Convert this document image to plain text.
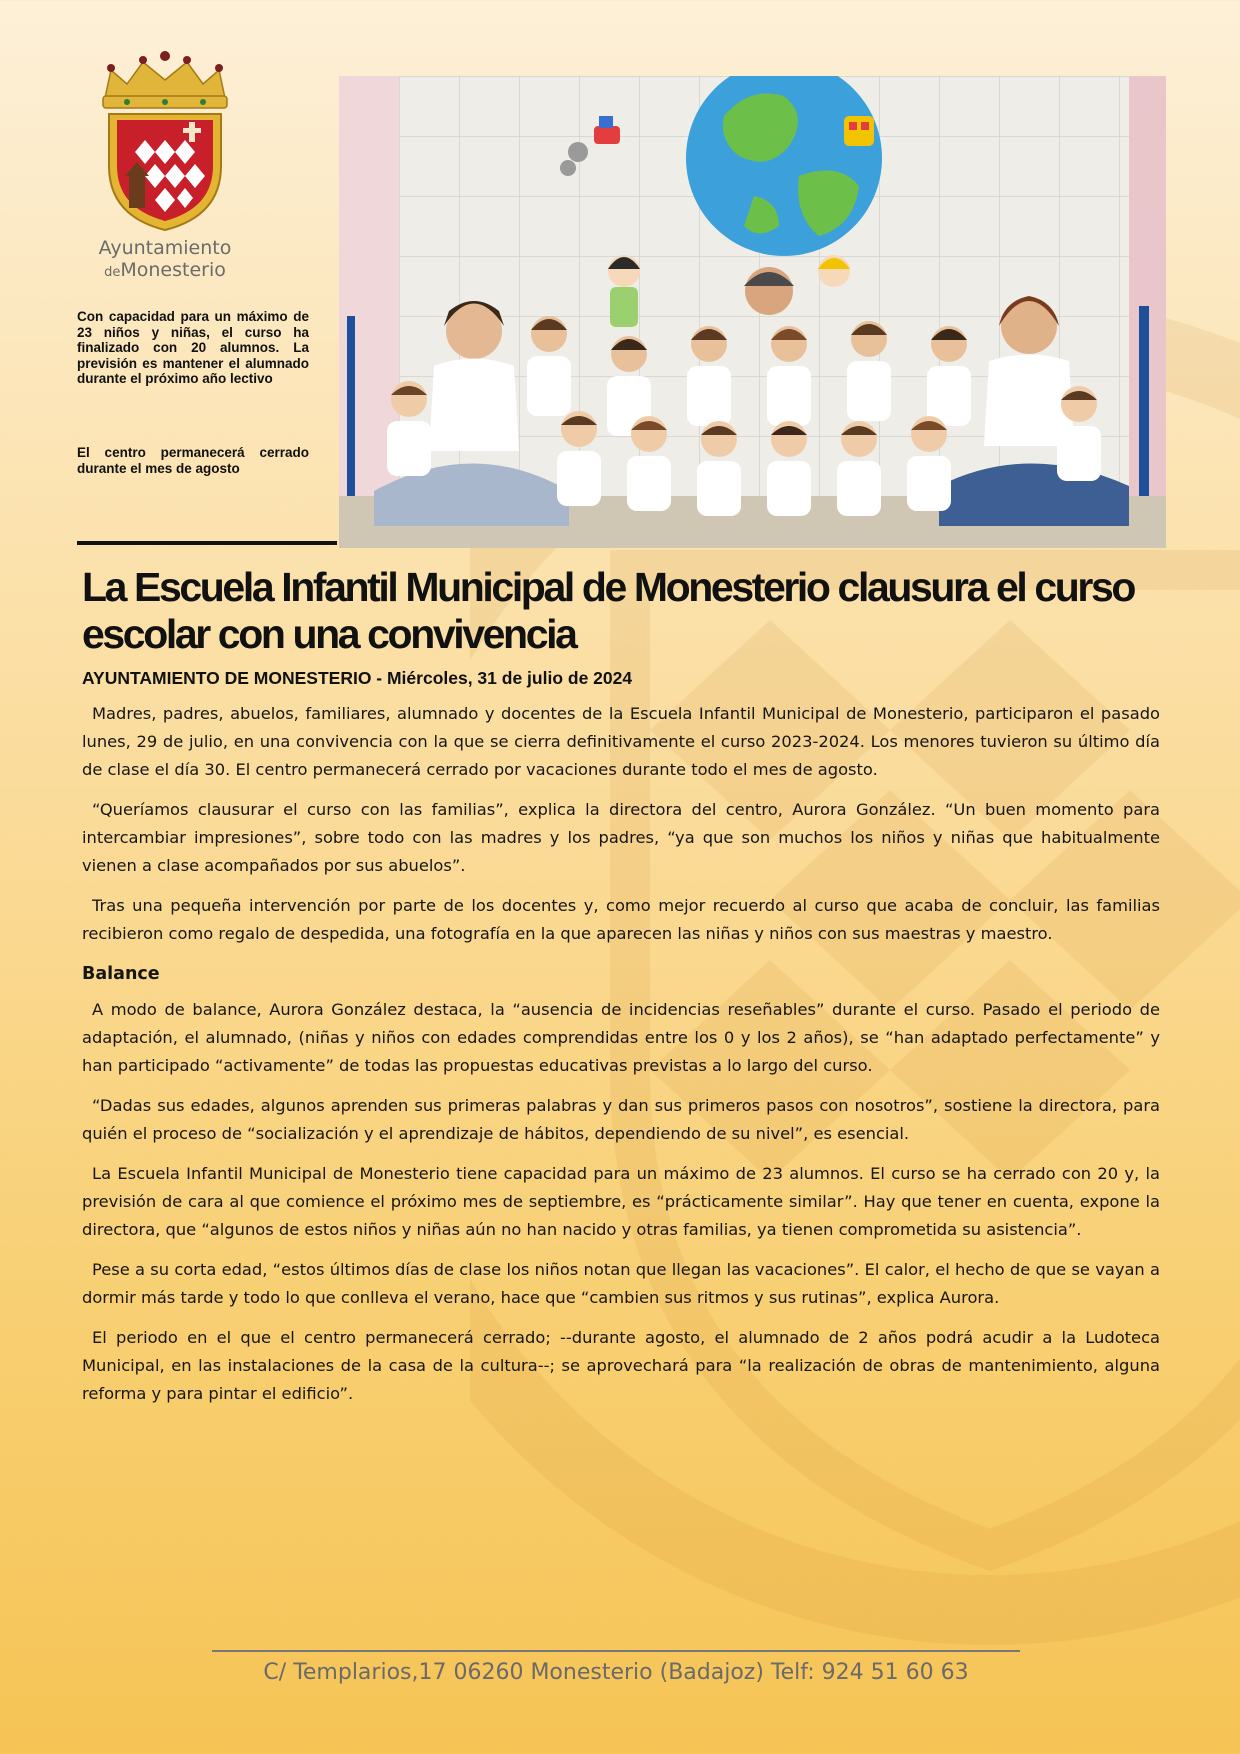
Ayuntamiento
deMonesterio
Con capacidad para un máximo de 23 niños y niñas, el curso ha finalizado con 20 alumnos. La previsión es mantener el alumnado durante el próximo año lectivo
El centro permanecerá cerrado durante el mes de agosto
La Escuela Infantil Municipal de Monesterio clausura el curso escolar con una convivencia

AYUNTAMIENTO DE MONESTERIO - Miércoles, 31 de julio de 2024

Madres, padres, abuelos, familiares, alumnado y docentes de la Escuela Infantil Municipal de Monesterio, participaron el pasado lunes, 29 de julio, en una convivencia con la que se cierra definitivamente el curso 2023-2024. Los menores tuvieron su último día de clase el día 30. El centro permanecerá cerrado por vacaciones durante todo el mes de agosto.

“Queríamos clausurar el curso con las familias”, explica la directora del centro, Aurora González. “Un buen momento para intercambiar impresiones”, sobre todo con las madres y los padres, “ya que son muchos los niños y niñas que habitualmente vienen a clase acompañados por sus abuelos”.

Tras una pequeña intervención por parte de los docentes y, como mejor recuerdo al curso que acaba de concluir, las familias recibieron como regalo de despedida, una fotografía en la que aparecen las niñas y niños con sus maestras y maestro.

Balance

A modo de balance, Aurora González destaca, la “ausencia de incidencias reseñables” durante el curso. Pasado el periodo de adaptación, el alumnado, (niñas y niños con edades comprendidas entre los 0 y los 2 años), se “han adaptado perfectamente” y han participado “activamente” de todas las propuestas educativas previstas a lo largo del curso.

“Dadas sus edades, algunos aprenden sus primeras palabras y dan sus primeros pasos con nosotros”, sostiene la directora, para quién el proceso de “socialización y el aprendizaje de hábitos, dependiendo de su nivel”, es esencial.

La Escuela Infantil Municipal de Monesterio tiene capacidad para un máximo de 23 alumnos. El curso se ha cerrado con 20 y, la previsión de cara al que comience el próximo mes de septiembre, es “prácticamente similar”. Hay que tener en cuenta, expone la directora, que “algunos de estos niños y niñas aún no han nacido y otras familias, ya tienen comprometida su asistencia”.

Pese a su corta edad, “estos últimos días de clase los niños notan que llegan las vacaciones”. El calor, el hecho de que se vayan a dormir más tarde y todo lo que conlleva el verano, hace que “cambien sus ritmos y sus rutinas”, explica Aurora.

El periodo en el que el centro permanecerá cerrado; --durante agosto, el alumnado de 2 años podrá acudir a la Ludoteca Municipal, en las instalaciones de la casa de la cultura--; se aprovechará para “la realización de obras de mantenimiento, alguna reforma y para pintar el edificio”.

C/ Templarios,17 06260 Monesterio (Badajoz) Telf: 924 51 60 63
